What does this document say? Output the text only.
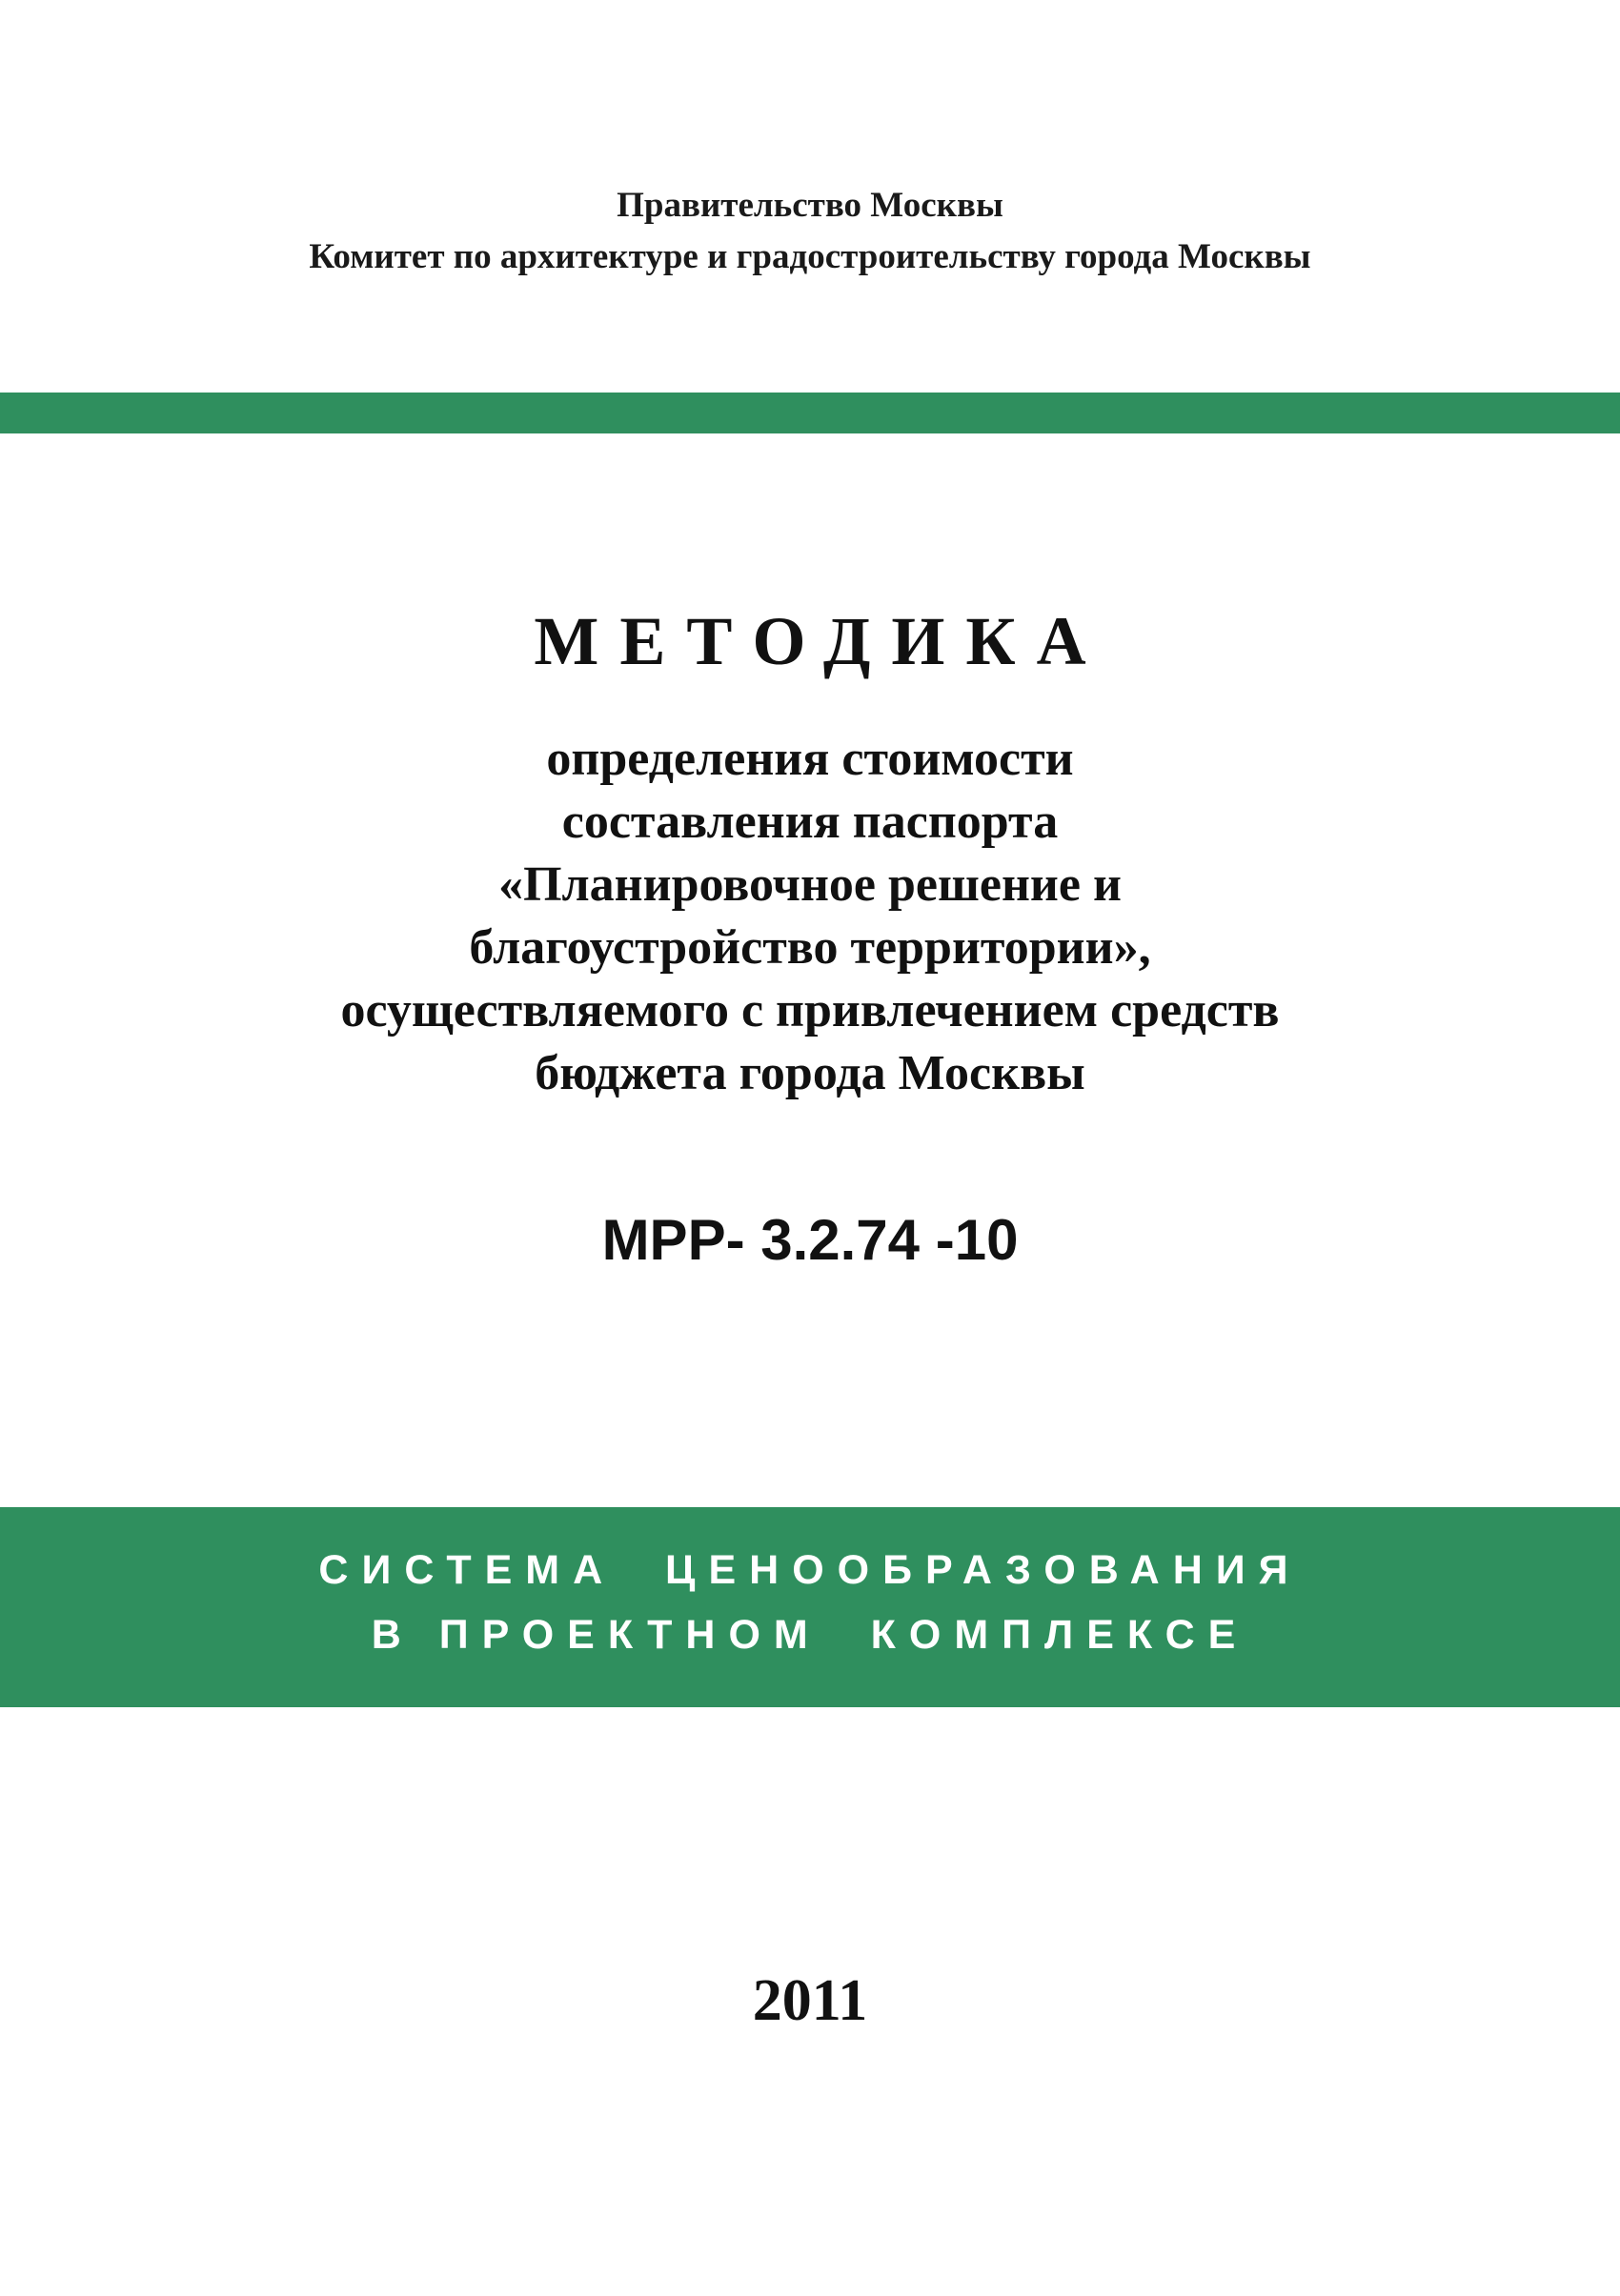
Правительство Москвы
Комитет по архитектуре и градостроительству города Москвы
МЕТОДИКА
определения стоимости
составления паспорта
«Планировочное решение и
благоустройство территории»,
осуществляемого с привлечением средств
бюджета города Москвы
МРР- 3.2.74 -10
СИСТЕМА  ЦЕНООБРАЗОВАНИЯ
В ПРОЕКТНОМ  КОМПЛЕКСЕ
2011
